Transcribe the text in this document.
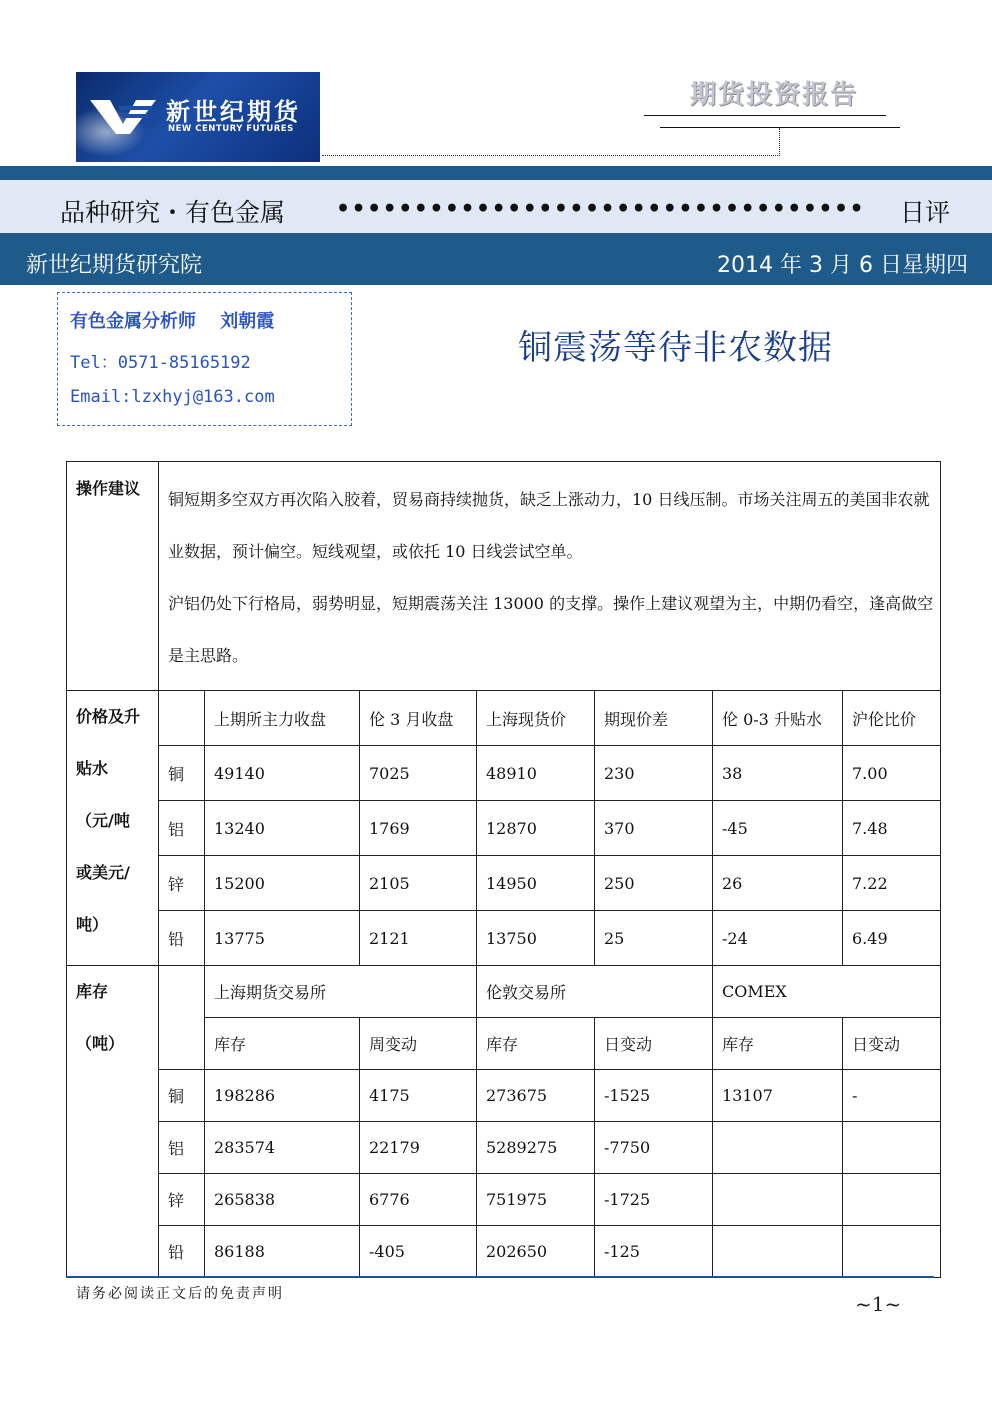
新世纪期货
NEW CENTURY FUTURES
期货投资报告
品种研究・有色金属 •••••••••••••••••••••••••••••••••• 日评
新世纪期货研究院	2014 年 3 月 6 日星期四
有色金属分析师　 刘朝霞
Tel：0571-85165192
Email:lzxhyj@163.com
铜震荡等待非农数据
操作建议	铜短期多空双方再次陷入胶着，贸易商持续抛货，缺乏上涨动力，10 日线压制。市场关注周五的美国非农就业数据，预计偏空。短线观望，或依托 10 日线尝试空单。

沪铝仍处下行格局，弱势明显，短期震荡关注 13000 的支撑。操作上建议观望为主，中期仍看空，逢高做空是主思路。						

价格及升
贴水
（元/吨
或美元/
吨）		上期所主力收盘	伦 3 月收盘	上海现货价	期现价差	伦 0-3 升贴水	沪伦比价
	铜	49140	7025	48910	230	38	7.00
	铝	13240	1769	12870	370	-45	7.48
	锌	15200	2105	14950	250	26	7.22
	铅	13775	2121	13750	25	-24	6.49

库存
（吨）		上海期货交易所		伦敦交易所		COMEX	
		库存	周变动	库存	日变动	库存	日变动
	铜	198286	4175	273675	-1525	13107	-
	铝	283574	22179	5289275	-7750		
	锌	265838	6776	751975	-1725		
	铅	86188	-405	202650	-125		
请务必阅读正文后的免责声明	~1~
